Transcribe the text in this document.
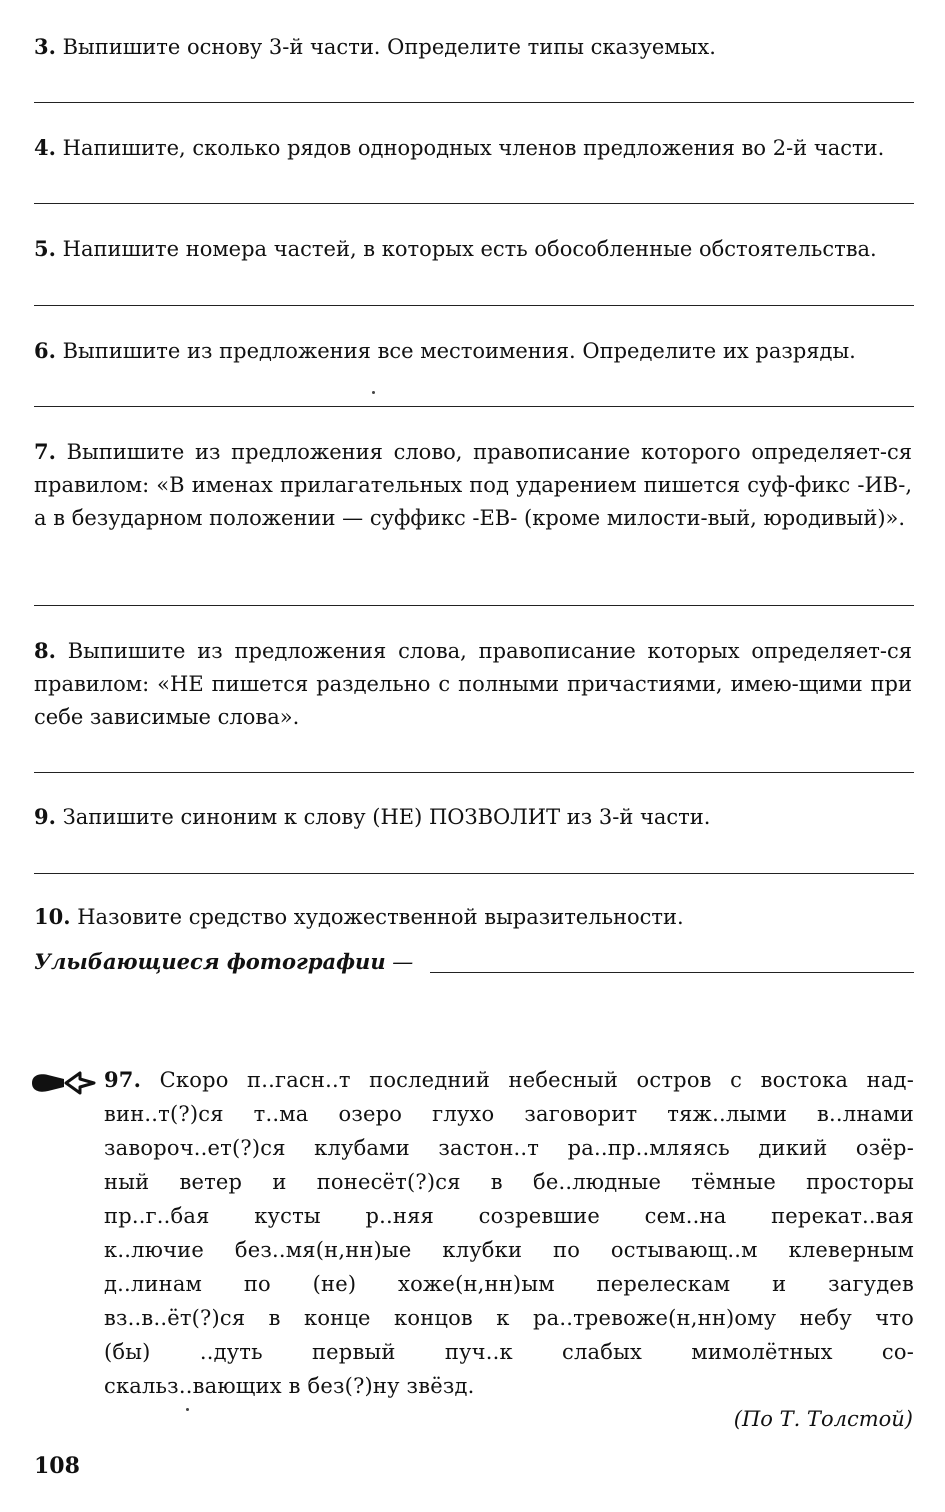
3. Выпишите основу 3-й части. Определите типы сказуемых.
4. Напишите, сколько рядов однородных членов предложения во 2-й части.
5. Напишите номера частей, в которых есть обособленные обстоятельства.
6. Выпишите из предложения все местоимения. Определите их разряды.
7. Выпишите из предложения слово, правописание которого определяет-ся правилом: «В именах прилагательных под ударением пишется суф-фикс -ИВ-, а в безударном положении — суффикс -ЕВ- (кроме милости-вый, юродивый)».
8. Выпишите из предложения слова, правописание которых определяет-ся правилом: «НЕ пишется раздельно с полными причастиями, имею-щими при себе зависимые слова».
9. Запишите синоним к слову (НЕ) ПОЗВОЛИТ из 3-й части.
10. Назовите средство художественной выразительности.
Улыбающиеся фотографии —
97. Скоро п..гасн..т последний небесный остров с востока над-
вин..т(?)ся т..ма озеро глухо заговорит тяж..лыми в..лнами
завороч..ет(?)ся клубами застон..т ра..пр..мляясь дикий озёр-
ный ветер и понесёт(?)ся в бе..людные тёмные просторы
пр..г..бая кусты р..няя созревшие сем..на перекат..вая
к..лючие без..мя(н,нн)ые клубки по остывающ..м клеверным
д..линам по (не) хоже(н,нн)ым перелескам и загудев
вз..в..ёт(?)ся в конце концов к ра..тревоже(н,нн)ому небу что
(бы) ..дуть первый пуч..к слабых мимолётных со-
скальз..вающих в без(?)ну звёзд.
(По Т. Толстой)
108
